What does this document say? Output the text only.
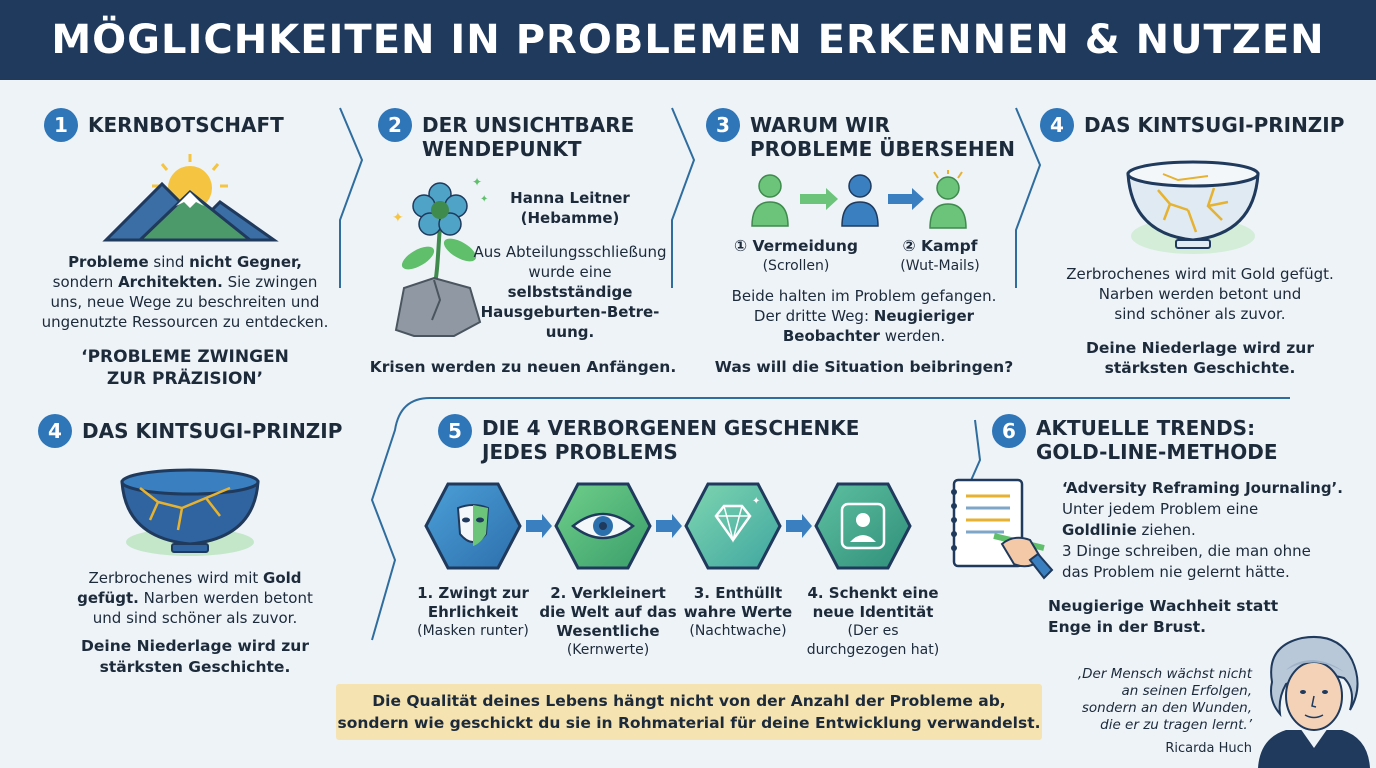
MÖGLICHKEITEN IN PROBLEMEN ERKENNEN & NUTZEN
1	KERNBOTSCHAFT
Probleme sind nicht Gegner,
sondern Architekten. Sie zwingen
uns, neue Wege zu beschreiten und
ungenutzte Ressourcen zu entdecken.
‘PROBLEME ZWINGEN
ZUR PRÄZISION’
2	DER UNSICHTBARE
WENDEPUNKT
✦
✦
✦	Hanna Leitner
(Hebamme)
Aus Abteilungsschließung
wurde eine
selbstständige
Hausgeburten-Betre-
uung.
Krisen werden zu neuen Anfängen.
3	WARUM WIR
PROBLEME ÜBERSEHEN
① Vermeidung
(Scrollen)
② Kampf
(Wut-Mails)
Beide halten im Problem gefangen.
Der dritte Weg: Neugieriger
Beobachter werden.
Was will die Situation beibringen?
4	DAS KINTSUGI-PRINZIP
Zerbrochenes wird mit Gold gefügt.
Narben werden betont und
sind schöner als zuvor.
Deine Niederlage wird zur
stärksten Geschichte.
4	DAS KINTSUGI-PRINZIP
Zerbrochenes wird mit Gold
gefügt. Narben werden betont
und sind schöner als zuvor.
Deine Niederlage wird zur
stärksten Geschichte.
5	DIE 4 VERBORGENEN GESCHENKE
JEDES PROBLEMS
✦
1. Zwingt zur
Ehrlichkeit
(Masken runter)
2. Verkleinert
die Welt auf das
Wesentliche
(Kernwerte)
3. Enthüllt
wahre Werte
(Nachtwache)
4. Schenkt eine
neue Identität
(Der es
durchgezogen hat)
6	AKTUELLE TRENDS:
GOLD-LINE-METHODE
‘Adversity Reframing Journaling’.
Unter jedem Problem eine
Goldlinie ziehen.
3 Dinge schreiben, die man ohne
das Problem nie gelernt hätte.
Neugierige Wachheit statt
Enge in der Brust.
Die Qualität deines Lebens hängt nicht von der Anzahl der Probleme ab,
sondern wie geschickt du sie in Rohmaterial für deine Entwicklung verwandelst.
‚Der Mensch wächst nicht
an seinen Erfolgen,
sondern an den Wunden,
die er zu tragen lernt.’
Ricarda Huch
